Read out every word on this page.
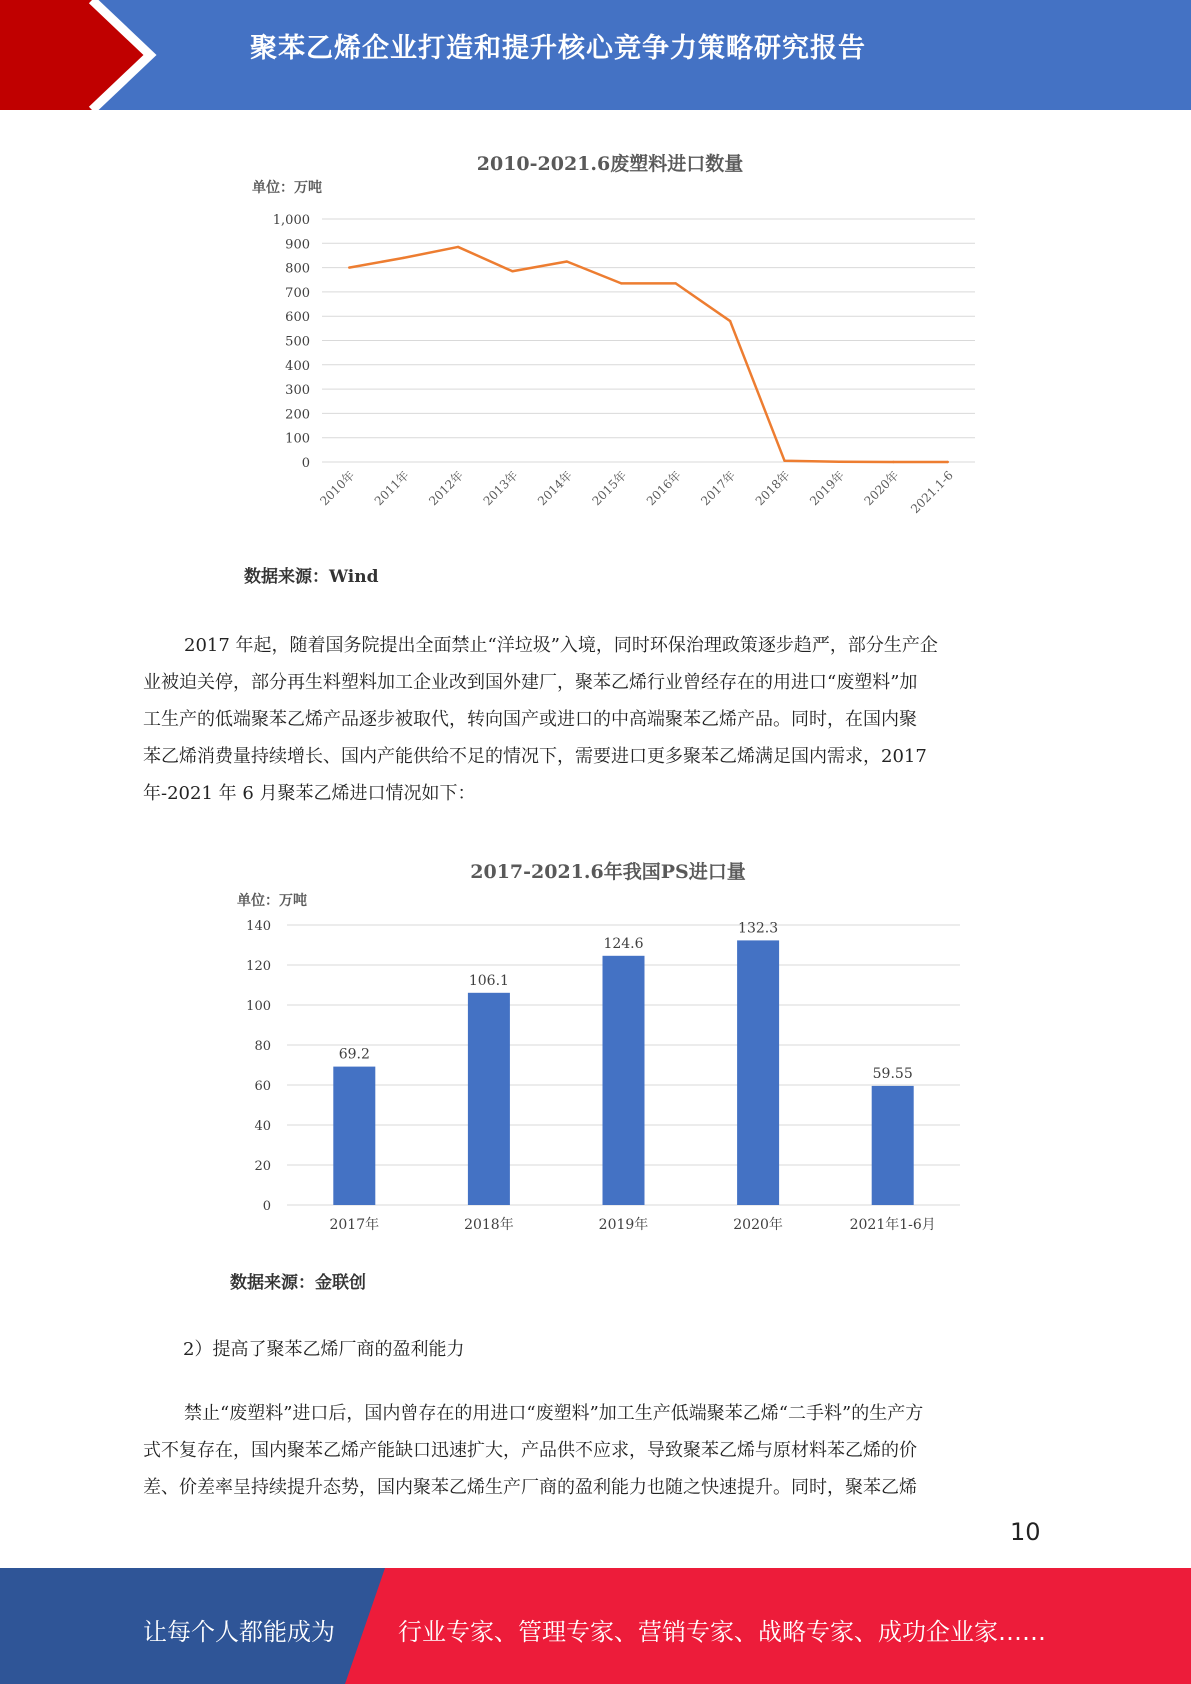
聚苯乙烯企业打造和提升核心竞争力策略研究报告
2010-2021.6废塑料进口数量
单位：万吨
0
100
200
300
400
500
600
700
800
900
1,000
2010年 2011年 2012年 2013年 2014年 2015年 2016年 2017年 2018年 2019年 2020年 2021.1-6
数据来源：Wind

2017 年起，随着国务院提出全面禁止“洋垃圾”入境，同时环保治理政策逐步趋严，部分生产企
业被迫关停，部分再生料塑料加工企业改到国外建厂，聚苯乙烯行业曾经存在的用进口“废塑料”加
工生产的低端聚苯乙烯产品逐步被取代，转向国产或进口的中高端聚苯乙烯产品。同时，在国内聚
苯乙烯消费量持续增长、国内产能供给不足的情况下，需要进口更多聚苯乙烯满足国内需求，2017
年-2021 年 6 月聚苯乙烯进口情况如下：

2017-2021.6年我国PS进口量
单位：万吨
0
20
40
60
80
100
120
140
69.2
106.1
124.6
132.3
59.55
2017年	2018年	2019年	2020年	2021年1-6月
数据来源：金联创
2）提高了聚苯乙烯厂商的盈利能力

禁止“废塑料”进口后，国内曾存在的用进口“废塑料”加工生产低端聚苯乙烯“二手料”的生产方
式不复存在，国内聚苯乙烯产能缺口迅速扩大，产品供不应求，导致聚苯乙烯与原材料苯乙烯的价
差、价差率呈持续提升态势，国内聚苯乙烯生产厂商的盈利能力也随之快速提升。同时，聚苯乙烯

10
让每个人都能成为	行业专家、管理专家、营销专家、战略专家、成功企业家……
